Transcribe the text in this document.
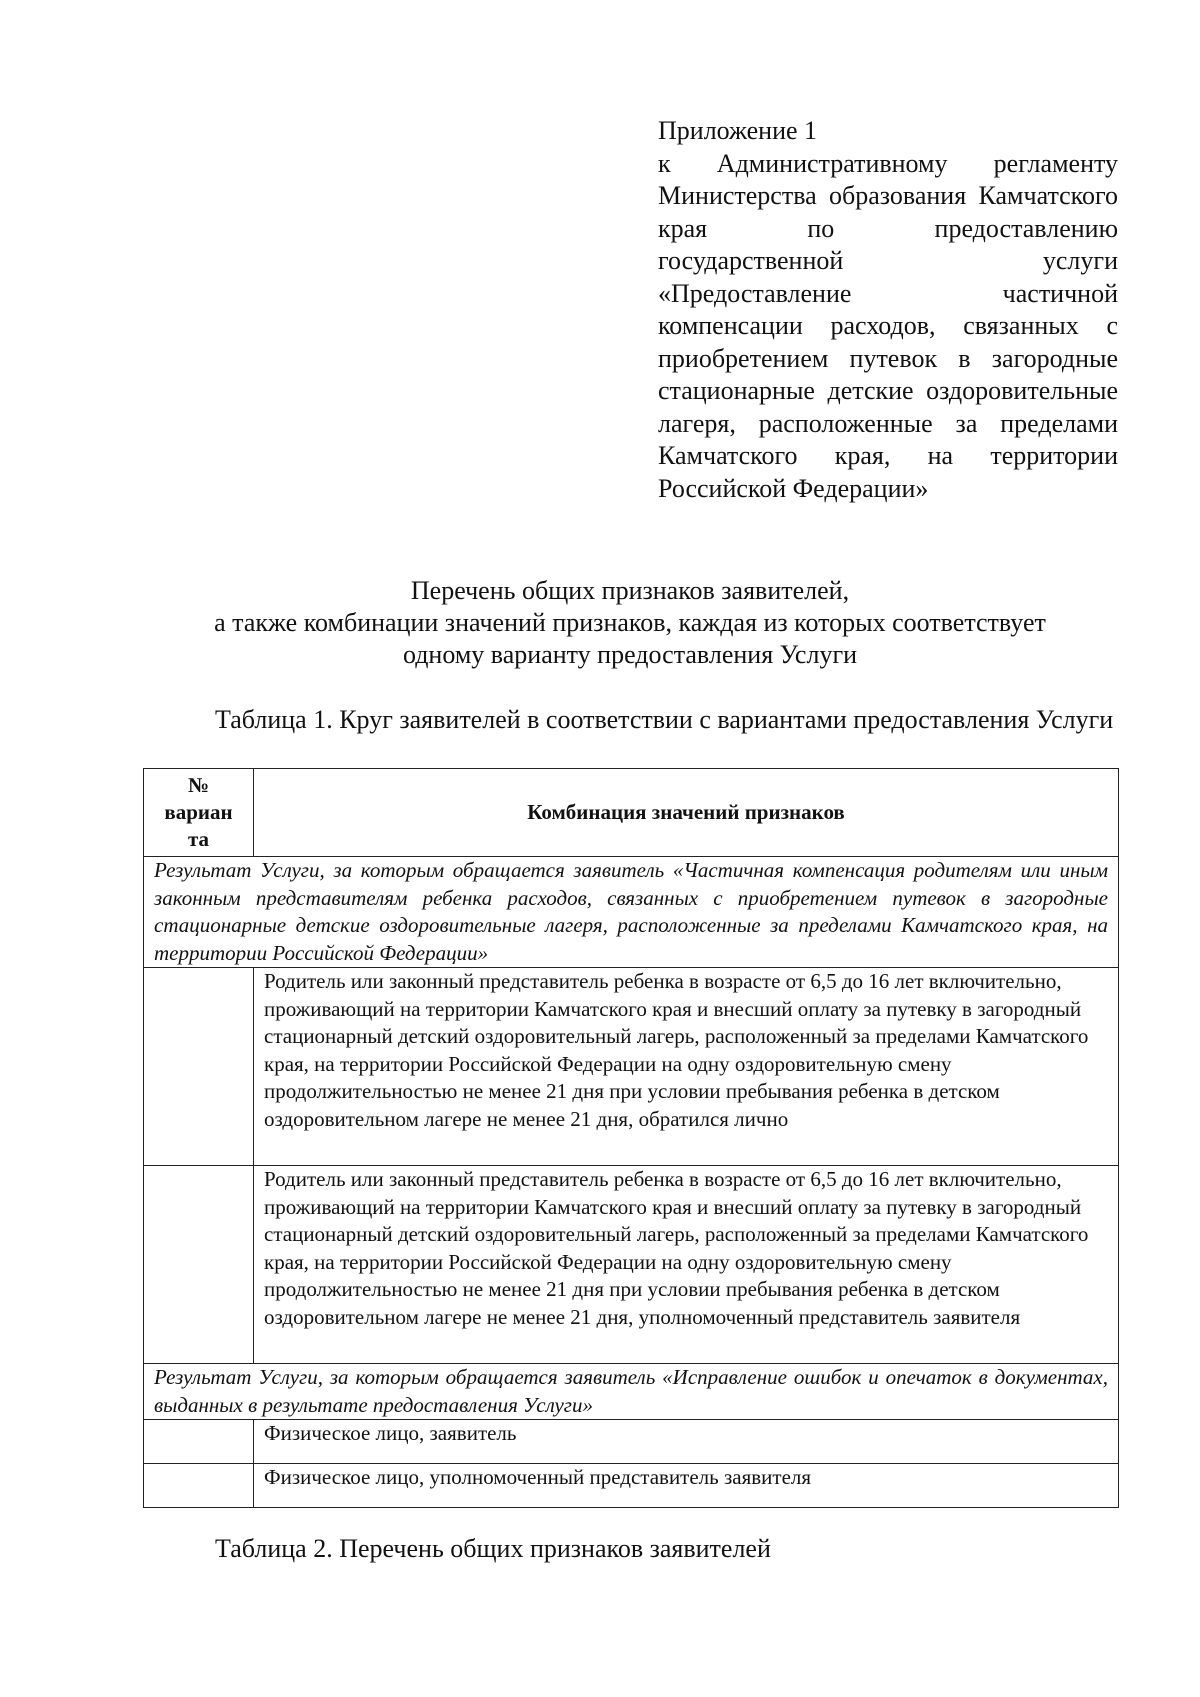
Приложение 1
к Административному регламенту Министерства образования Камчатского края по предоставлению государственной услуги «Предоставление частичной компенсации расходов, связанных с приобретением путевок в загородные стационарные детские оздоровительные лагеря, расположенные за пределами Камчатского края, на территории Российской Федерации»
Перечень общих признаков заявителей,
а также комбинации значений признаков, каждая из которых соответствует
одному варианту предоставления Услуги
Таблица 1. Круг заявителей в соответствии с вариантами предоставления Услуги
№
вариан
та	Комбинация значений признаков
Результат Услуги, за которым обращается заявитель «Частичная компенсация родителям или иным законным представителям ребенка расходов, связанных с приобретением путевок в загородные стационарные детские оздоровительные лагеря, расположенные за пределами Камчатского края, на территории Российской Федерации»	
	Родитель или законный представитель ребенка в возрасте от 6,5 до 16 лет включительно, проживающий на территории Камчатского края и внесший оплату за путевку в загородный стационарный детский оздоровительный лагерь, расположенный за пределами Камчатского края, на территории Российской Федерации на одну оздоровительную смену продолжительностью не менее 21 дня при условии пребывания ребенка в детском оздоровительном лагере не менее 21 дня, обратился лично
	Родитель или законный представитель ребенка в возрасте от 6,5 до 16 лет включительно, проживающий на территории Камчатского края и внесший оплату за путевку в загородный стационарный детский оздоровительный лагерь, расположенный за пределами Камчатского края, на территории Российской Федерации на одну оздоровительную смену продолжительностью не менее 21 дня при условии пребывания ребенка в детском оздоровительном лагере не менее 21 дня, уполномоченный представитель заявителя
Результат Услуги, за которым обращается заявитель «Исправление ошибок и опечаток в документах, выданных в результате предоставления Услуги»	
	Физическое лицо, заявитель
	Физическое лицо, уполномоченный представитель заявителя
Таблица 2. Перечень общих признаков заявителей
